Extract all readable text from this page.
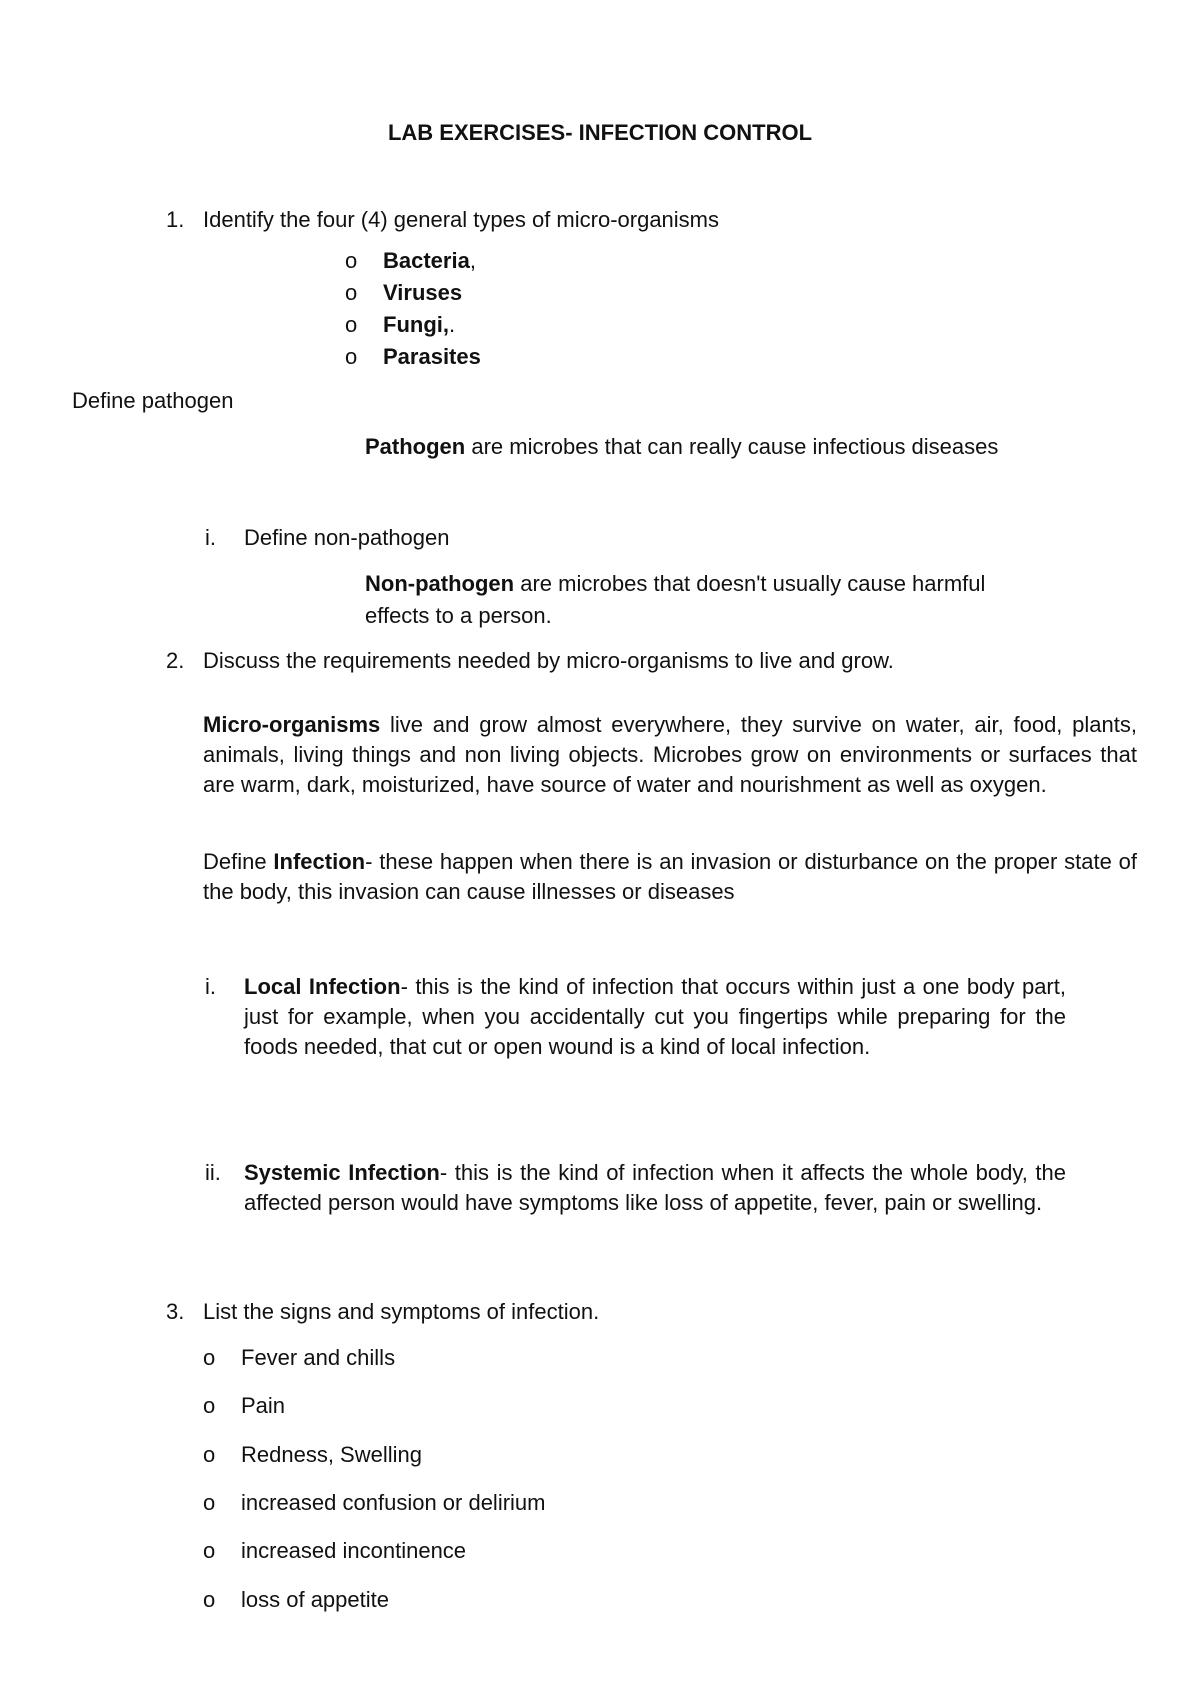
LAB EXERCISES- INFECTION CONTROL
1. Identify the four (4) general types of micro-organisms
o Bacteria,
o Viruses
o Fungi,.
o Parasites
Define pathogen
Pathogen are microbes that can really cause infectious diseases
i. Define non-pathogen
Non-pathogen are microbes that doesn't usually cause harmful
effects to a person.
2. Discuss the requirements needed by micro-organisms to live and grow.
Micro-organisms live and grow almost everywhere, they survive on water, air, food, plants, animals, living things and non living objects. Microbes grow on environments or surfaces that are warm, dark, moisturized, have source of water and nourishment as well as oxygen.
Define Infection- these happen when there is an invasion or disturbance on the proper state of the body, this invasion can cause illnesses or diseases
i. Local Infection- this is the kind of infection that occurs within just a one body part, just for example, when you accidentally cut you fingertips while preparing for the foods needed, that cut or open wound is a kind of local infection.
ii. Systemic Infection- this is the kind of infection when it affects the whole body, the affected person would have symptoms like loss of appetite, fever, pain or swelling.
3. List the signs and symptoms of infection.
o Fever and chills
o Pain
o Redness, Swelling
o increased confusion or delirium
o increased incontinence
o loss of appetite
